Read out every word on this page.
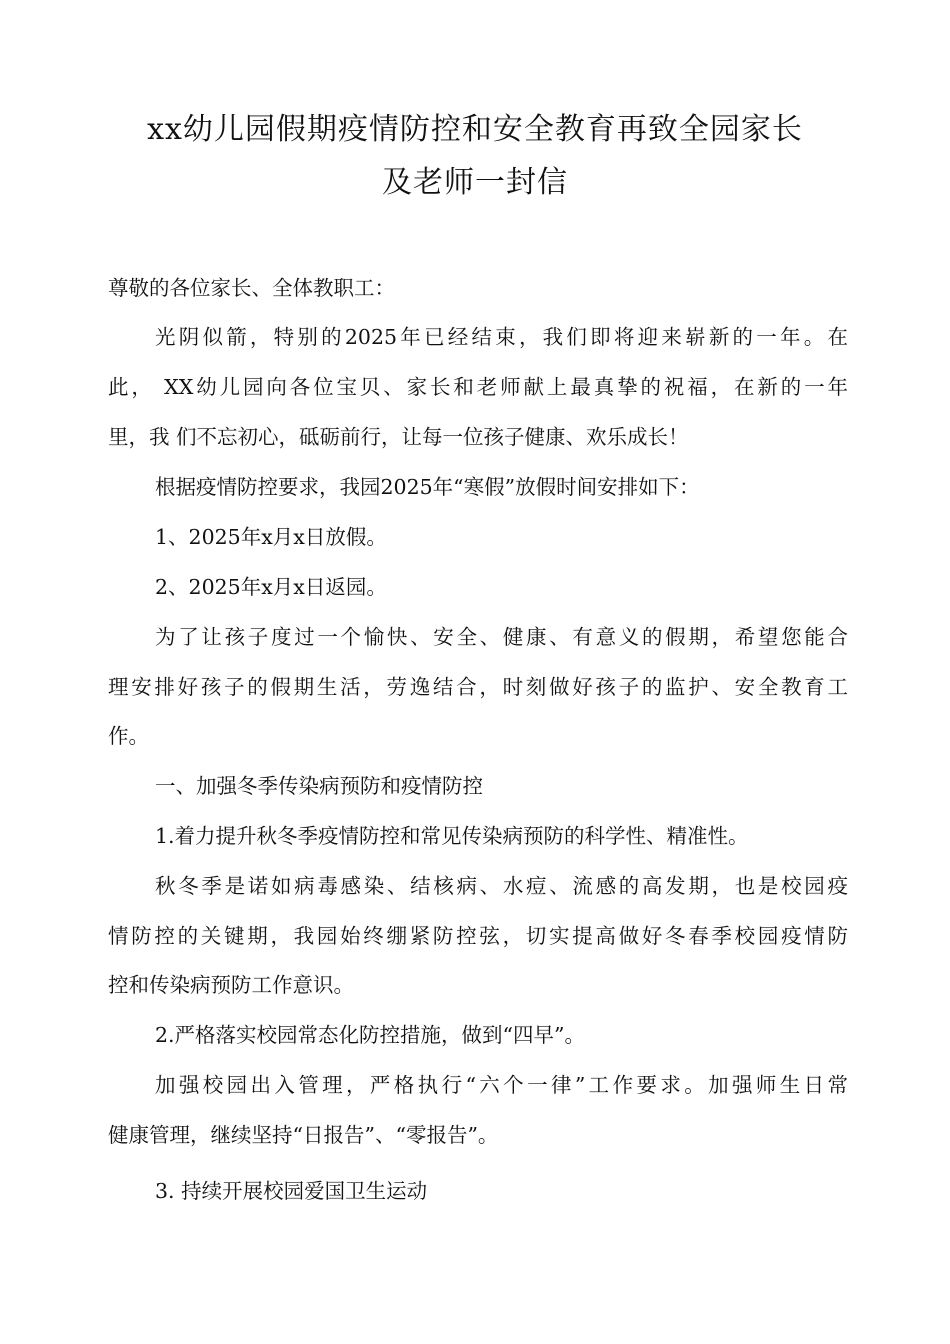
xx幼儿园假期疫情防控和安全教育再致全园家长
及老师一封信
尊敬的各位家长、全体教职工：
光阴似箭，特别的2025年已经结束，我们即将迎来崭新的一年。在
此， XX幼儿园向各位宝贝、家长和老师献上最真挚的祝福，在新的一年
里，我 们不忘初心，砥砺前行，让每一位孩子健康、欢乐成长！
根据疫情防控要求，我园2025年“寒假”放假时间安排如下：
1、2025年x月x日放假。
2、2025年x月x日返园。
为了让孩子度过一个愉快、安全、健康、有意义的假期，希望您能合
理安排好孩子的假期生活，劳逸结合，时刻做好孩子的监护、安全教育工
作。
一、加强冬季传染病预防和疫情防控
1.着力提升秋冬季疫情防控和常见传染病预防的科学性、精准性。
秋冬季是诺如病毒感染、结核病、水痘、流感的高发期，也是校园疫
情防控的关键期，我园始终绷紧防控弦，切实提高做好冬春季校园疫情防
控和传染病预防工作意识。
2.严格落实校园常态化防控措施，做到“四早”。
加强校园出入管理，严格执行“六个一律”工作要求。加强师生日常
健康管理，继续坚持“日报告”、“零报告”。
3. 持续开展校园爱国卫生运动
